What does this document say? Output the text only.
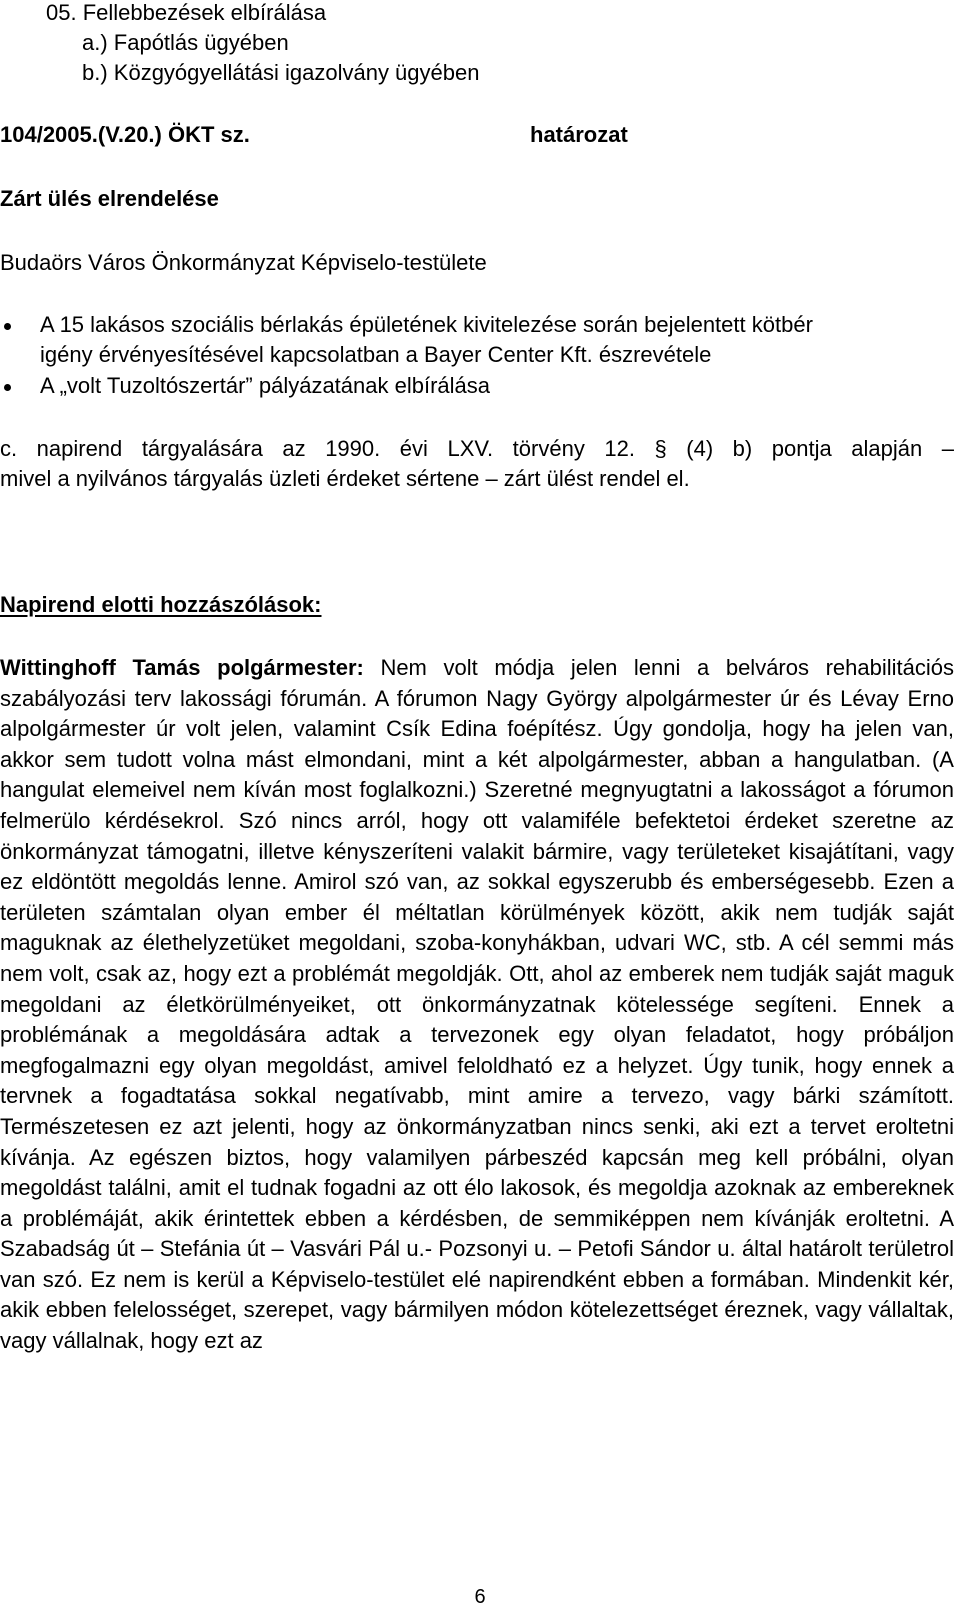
05. Fellebbezések elbírálása
a.) Fapótlás ügyében
b.) Közgyógyellátási igazolvány ügyében
104/2005.(V.20.) ÖKT sz.	határozat
Zárt ülés elrendelése
Budaörs Város Önkormányzat Képviselo-testülete
A 15 lakásos szociális bérlakás épületének kivitelezése során bejelentett kötbér
igény érvényesítésével kapcsolatban a Bayer Center Kft. észrevétele
A „volt Tuzoltószertár” pályázatának elbírálása
c. napirend tárgyalására az 1990. évi LXV. törvény 12. § (4) b) pontja alapján –
mivel a nyilvános tárgyalás üzleti érdeket sértene – zárt ülést rendel el.
Napirend elotti hozzászólások:
Wittinghoff Tamás polgármester: Nem volt módja jelen lenni a belváros rehabilitációs szabályozási terv lakossági fórumán. A fórumon Nagy György alpolgármester úr és Lévay Erno alpolgármester úr volt jelen, valamint Csík Edina foépítész. Úgy gondolja, hogy ha jelen van, akkor sem tudott volna mást elmondani, mint a két alpolgármester, abban a hangulatban. (A hangulat elemeivel nem kíván most foglalkozni.) Szeretné megnyugtatni a lakosságot a fórumon felmerülo kérdésekrol. Szó nincs arról, hogy ott valamiféle befektetoi érdeket szeretne az önkormányzat támogatni, illetve kényszeríteni valakit bármire, vagy területeket kisajátítani, vagy ez eldöntött megoldás lenne. Amirol szó van, az sokkal egyszerubb és emberségesebb. Ezen a területen számtalan olyan ember él méltatlan körülmények között, akik nem tudják saját maguknak az élethelyzetüket megoldani, szoba-konyhákban, udvari WC, stb. A cél semmi más nem volt, csak az, hogy ezt a problémát megoldják. Ott, ahol az emberek nem tudják saját maguk megoldani az életkörülményeiket, ott önkormányzatnak kötelessége segíteni. Ennek a problémának a megoldására adtak a tervezonek egy olyan feladatot, hogy próbáljon megfogalmazni egy olyan megoldást, amivel feloldható ez a helyzet. Úgy tunik, hogy ennek a tervnek a fogadtatása sokkal negatívabb, mint amire a tervezo, vagy bárki számított. Természetesen ez azt jelenti, hogy az önkormányzatban nincs senki, aki ezt a tervet eroltetni kívánja. Az egészen biztos, hogy valamilyen párbeszéd kapcsán meg kell próbálni, olyan megoldást találni, amit el tudnak fogadni az ott élo lakosok, és megoldja azoknak az embereknek a problémáját, akik érintettek ebben a kérdésben, de semmiképpen nem kívánják eroltetni. A Szabadság út – Stefánia út – Vasvári Pál u.- Pozsonyi u. – Petofi Sándor u. által határolt területrol van szó. Ez nem is kerül a Képviselo-testület elé napirendként ebben a formában. Mindenkit kér, akik ebben felelosséget, szerepet, vagy bármilyen módon kötelezettséget éreznek, vagy vállaltak, vagy vállalnak, hogy ezt az
6
